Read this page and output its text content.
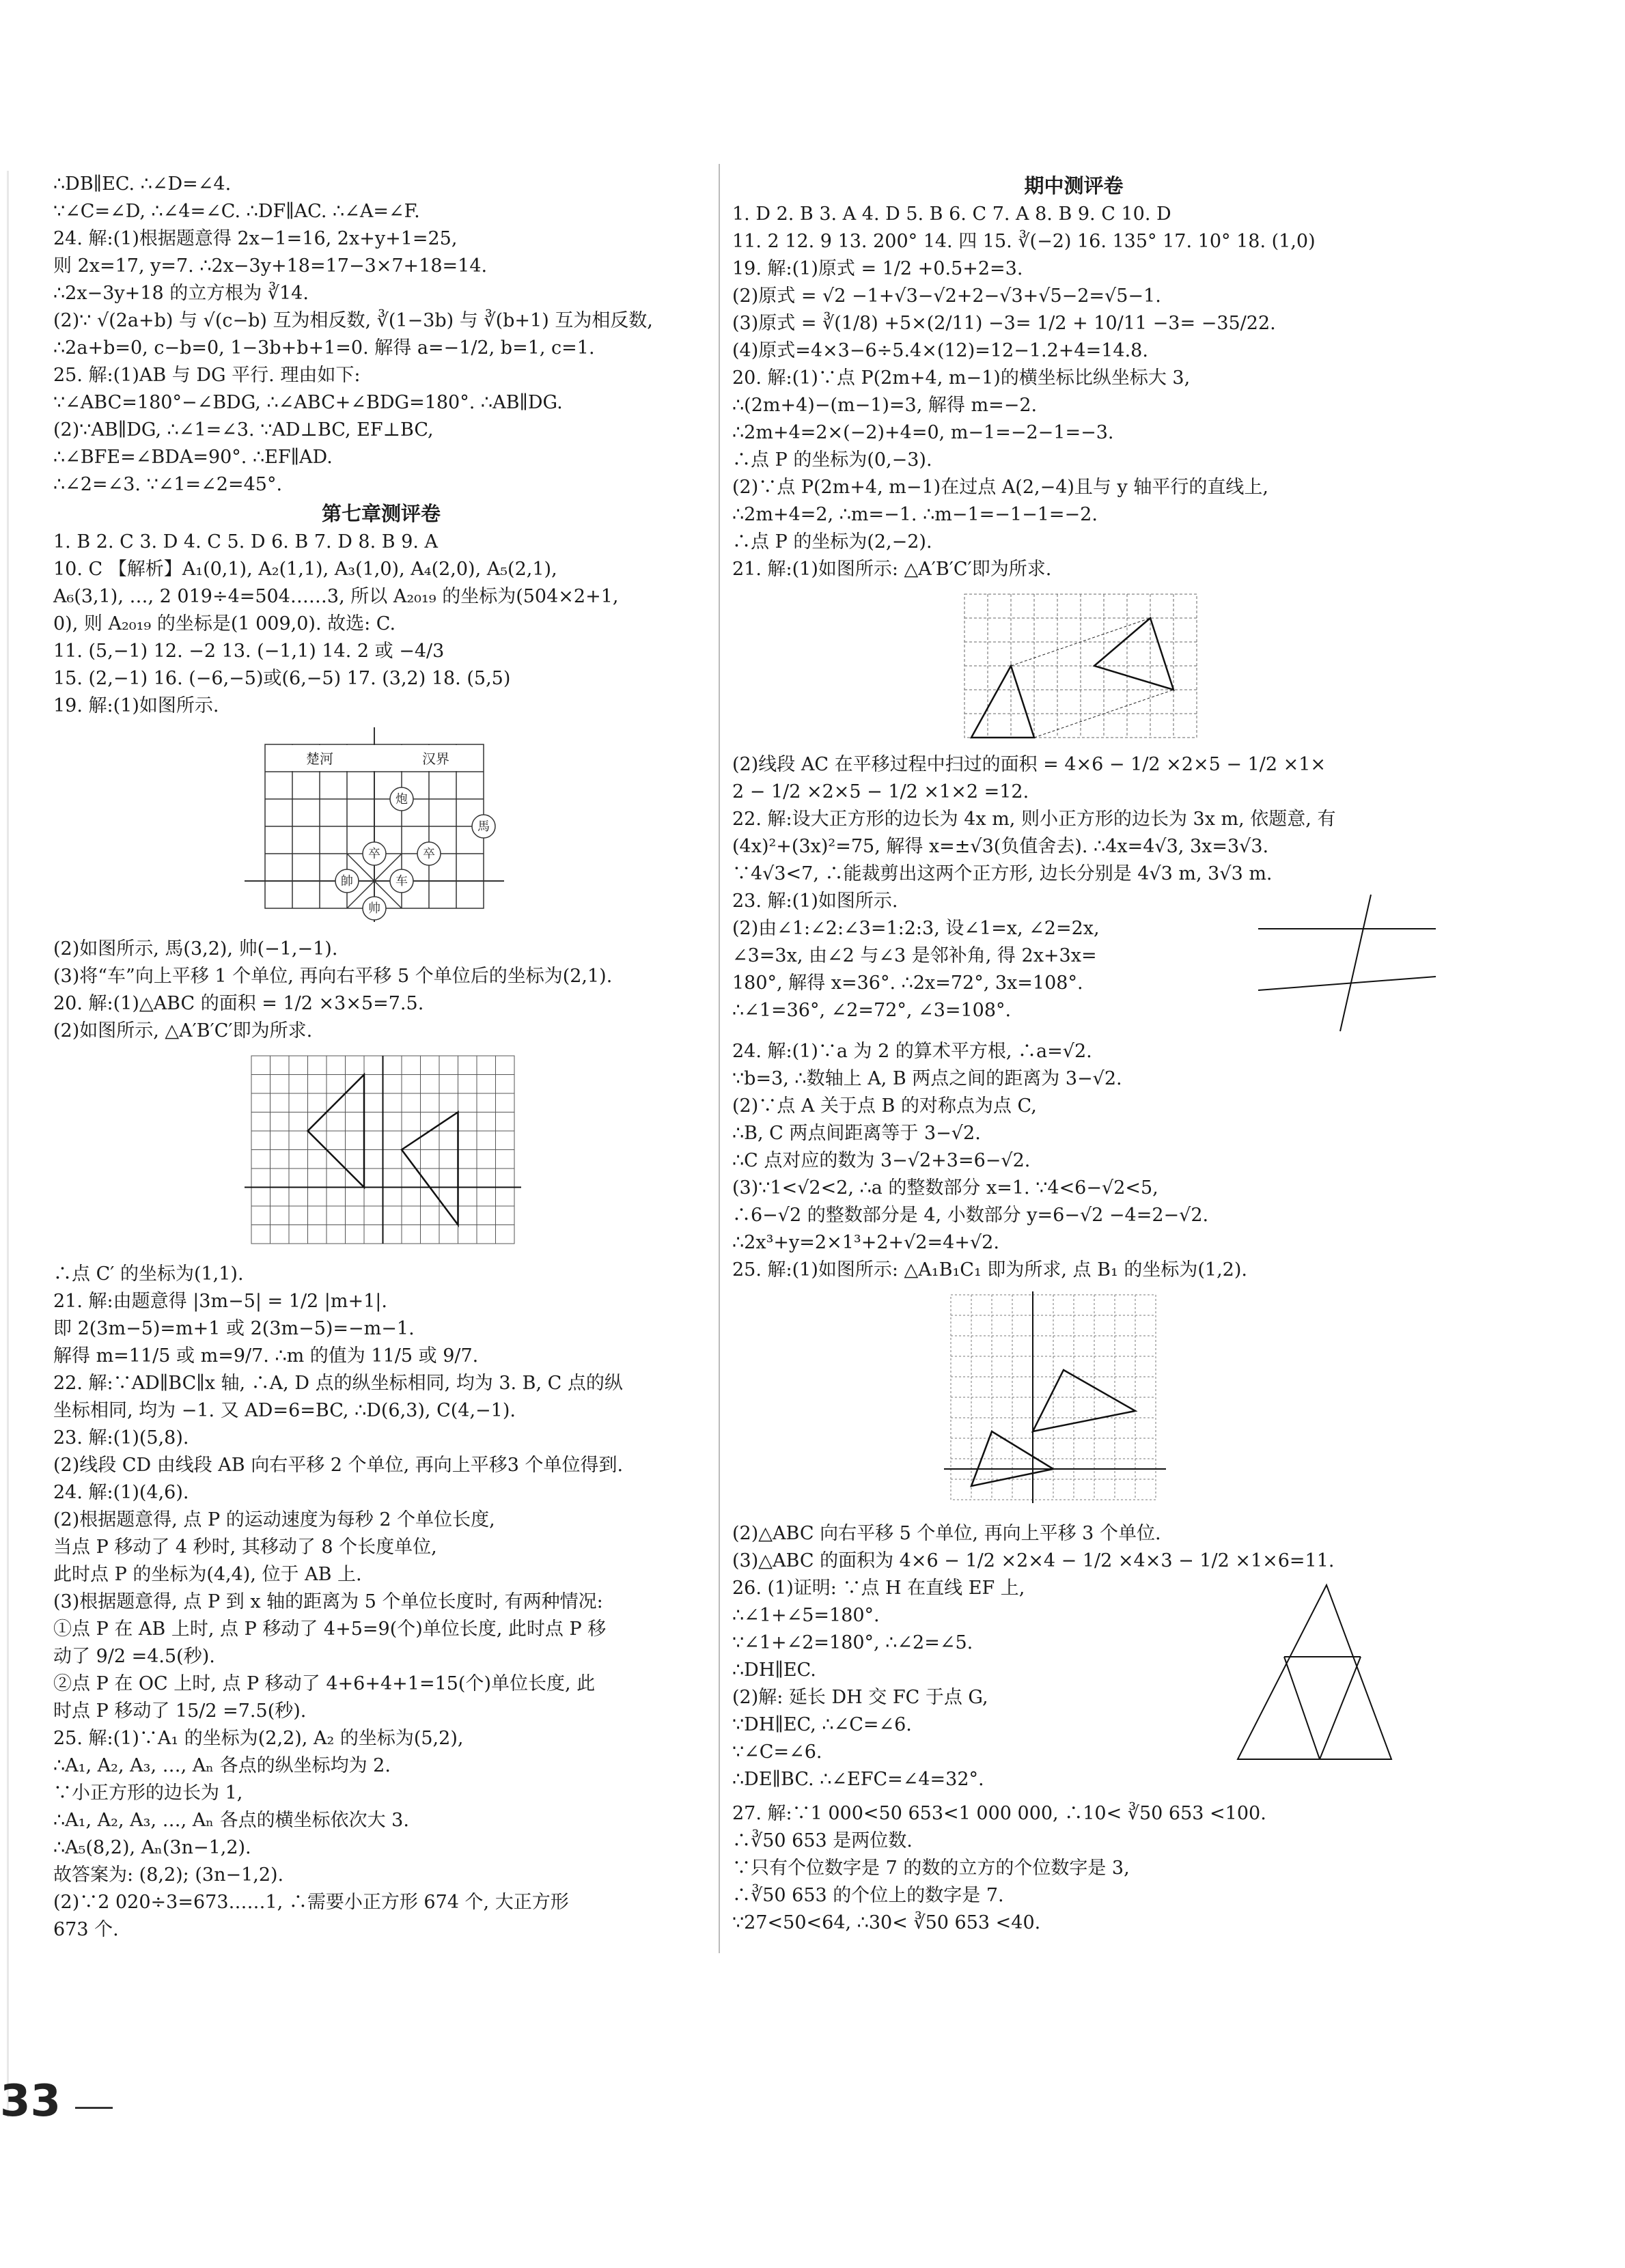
∴DB∥EC. ∴∠D=∠4.
∵∠C=∠D, ∴∠4=∠C. ∴DF∥AC. ∴∠A=∠F.
24. 解:(1)根据题意得 2x−1=16, 2x+y+1=25,
则 2x=17, y=7. ∴2x−3y+18=17−3×7+18=14.
∴2x−3y+18 的立方根为 ∛14.
(2)∵ √(2a+b) 与 √(c−b) 互为相反数, ∛(1−3b) 与 ∛(b+1) 互为相反数,
∴2a+b=0, c−b=0, 1−3b+b+1=0. 解得 a=−1/2, b=1, c=1.
25. 解:(1)AB 与 DG 平行. 理由如下:
∵∠ABC=180°−∠BDG, ∴∠ABC+∠BDG=180°. ∴AB∥DG.
(2)∵AB∥DG, ∴∠1=∠3. ∵AD⊥BC, EF⊥BC,
∴∠BFE=∠BDA=90°. ∴EF∥AD.
∴∠2=∠3. ∵∠1=∠2=45°.
第七章测评卷
1. B 2. C 3. D 4. C 5. D 6. B 7. D 8. B 9. A
10. C 【解析】A₁(0,1), A₂(1,1), A₃(1,0), A₄(2,0), A₅(2,1),
A₆(3,1), …, 2 019÷4=504……3, 所以 A₂₀₁₉ 的坐标为(504×2+1,
0), 则 A₂₀₁₉ 的坐标是(1 009,0). 故选: C.
11. (5,−1) 12. −2 13. (−1,1) 14. 2 或 −4/3
15. (2,−1) 16. (−6,−5)或(6,−5) 17. (3,2) 18. (5,5)
19. 解:(1)如图所示.
楚河	汉界
炮
馬
帥	车
卒	卒
帅
(2)如图所示, 馬(3,2), 帅(−1,−1).
(3)将“车”向上平移 1 个单位, 再向右平移 5 个单位后的坐标为(2,1).
20. 解:(1)△ABC 的面积 = 1/2 ×3×5=7.5.
(2)如图所示, △A′B′C′即为所求.
∴点 C′ 的坐标为(1,1).
21. 解:由题意得 |3m−5| = 1/2 |m+1|.
即 2(3m−5)=m+1 或 2(3m−5)=−m−1.
解得 m=11/5 或 m=9/7. ∴m 的值为 11/5 或 9/7.
22. 解:∵AD∥BC∥x 轴, ∴A, D 点的纵坐标相同, 均为 3. B, C 点的纵
坐标相同, 均为 −1. 又 AD=6=BC, ∴D(6,3), C(4,−1).
23. 解:(1)(5,8).
(2)线段 CD 由线段 AB 向右平移 2 个单位, 再向上平移3 个单位得到.
24. 解:(1)(4,6).
(2)根据题意得, 点 P 的运动速度为每秒 2 个单位长度,
当点 P 移动了 4 秒时, 其移动了 8 个长度单位,
此时点 P 的坐标为(4,4), 位于 AB 上.
(3)根据题意得, 点 P 到 x 轴的距离为 5 个单位长度时, 有两种情况:
①点 P 在 AB 上时, 点 P 移动了 4+5=9(个)单位长度, 此时点 P 移
动了 9/2 =4.5(秒).
②点 P 在 OC 上时, 点 P 移动了 4+6+4+1=15(个)单位长度, 此
时点 P 移动了 15/2 =7.5(秒).
25. 解:(1)∵A₁ 的坐标为(2,2), A₂ 的坐标为(5,2),
∴A₁, A₂, A₃, …, Aₙ 各点的纵坐标均为 2.
∵小正方形的边长为 1,
∴A₁, A₂, A₃, …, Aₙ 各点的横坐标依次大 3.
∴A₅(8,2), Aₙ(3n−1,2).
故答案为: (8,2); (3n−1,2).
(2)∵2 020÷3=673……1, ∴需要小正方形 674 个, 大正方形
673 个.
期中测评卷
1. D 2. B 3. A 4. D 5. B 6. C 7. A 8. B 9. C 10. D
11. 2 12. 9 13. 200° 14. 四 15. ∛(−2) 16. 135° 17. 10° 18. (1,0)
19. 解:(1)原式 = 1/2 +0.5+2=3.
(2)原式 = √2 −1+√3−√2+2−√3+√5−2=√5−1.
(3)原式 = ∛(1/8) +5×(2/11) −3= 1/2 + 10/11 −3= −35/22.
(4)原式=4×3−6÷5.4×(12)=12−1.2+4=14.8.
20. 解:(1)∵点 P(2m+4, m−1)的横坐标比纵坐标大 3,
∴(2m+4)−(m−1)=3, 解得 m=−2.
∴2m+4=2×(−2)+4=0, m−1=−2−1=−3.
∴点 P 的坐标为(0,−3).
(2)∵点 P(2m+4, m−1)在过点 A(2,−4)且与 y 轴平行的直线上,
∴2m+4=2, ∴m=−1. ∴m−1=−1−1=−2.
∴点 P 的坐标为(2,−2).
21. 解:(1)如图所示: △A′B′C′即为所求.
(2)线段 AC 在平移过程中扫过的面积 = 4×6 − 1/2 ×2×5 − 1/2 ×1×
2 − 1/2 ×2×5 − 1/2 ×1×2 =12.
22. 解:设大正方形的边长为 4x m, 则小正方形的边长为 3x m, 依题意, 有
(4x)²+(3x)²=75, 解得 x=±√3(负值舍去). ∴4x=4√3, 3x=3√3.
∵4√3<7, ∴能裁剪出这两个正方形, 边长分别是 4√3 m, 3√3 m.
23. 解:(1)如图所示.
(2)由∠1:∠2:∠3=1:2:3, 设∠1=x, ∠2=2x,
∠3=3x, 由∠2 与∠3 是邻补角, 得 2x+3x=
180°, 解得 x=36°. ∴2x=72°, 3x=108°.
∴∠1=36°, ∠2=72°, ∠3=108°.
24. 解:(1)∵a 为 2 的算术平方根, ∴a=√2.
∵b=3, ∴数轴上 A, B 两点之间的距离为 3−√2.
(2)∵点 A 关于点 B 的对称点为点 C,
∴B, C 两点间距离等于 3−√2.
∴C 点对应的数为 3−√2+3=6−√2.
(3)∵1<√2<2, ∴a 的整数部分 x=1. ∵4<6−√2<5,
∴6−√2 的整数部分是 4, 小数部分 y=6−√2 −4=2−√2.
∴2x³+y=2×1³+2+√2=4+√2.
25. 解:(1)如图所示: △A₁B₁C₁ 即为所求, 点 B₁ 的坐标为(1,2).
(2)△ABC 向右平移 5 个单位, 再向上平移 3 个单位.
(3)△ABC 的面积为 4×6 − 1/2 ×2×4 − 1/2 ×4×3 − 1/2 ×1×6=11.
26. (1)证明: ∵点 H 在直线 EF 上,
∴∠1+∠5=180°.
∵∠1+∠2=180°, ∴∠2=∠5.
∴DH∥EC.
(2)解: 延长 DH 交 FC 于点 G,
∵DH∥EC, ∴∠C=∠6.
∵∠C=∠6.
∴DE∥BC. ∴∠EFC=∠4=32°.
27. 解:∵1 000<50 653<1 000 000, ∴10< ∛50 653 <100.
∴∛50 653 是两位数.
∵只有个位数字是 7 的数的立方的个位数字是 3,
∴∛50 653 的个位上的数字是 7.
∵27<50<64, ∴30< ∛50 653 <40.
33
